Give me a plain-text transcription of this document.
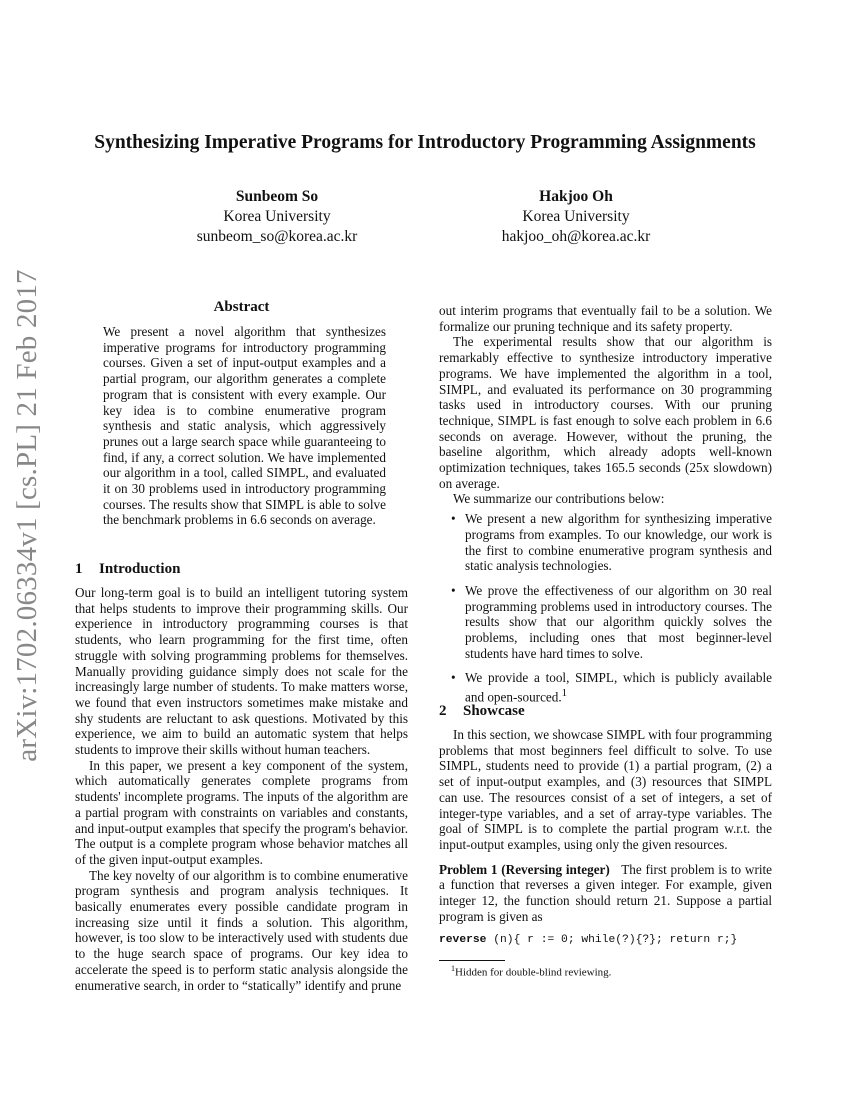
arXiv:1702.06334v1 [cs.PL] 21 Feb 2017
Synthesizing Imperative Programs for Introductory Programming Assignments
Sunbeom So
Korea University
sunbeom_so@korea.ac.kr
Hakjoo Oh
Korea University
hakjoo_oh@korea.ac.kr
Abstract
We present a novel algorithm that synthesizes imperative programs for introductory programming courses. Given a set of input-output examples and a partial program, our algorithm generates a complete program that is consistent with every example. Our key idea is to combine enumerative program synthesis and static analysis, which aggressively prunes out a large search space while guaranteeing to find, if any, a correct solution. We have implemented our algorithm in a tool, called SIMPL, and evaluated it on 30 problems used in introductory programming courses. The results show that SIMPL is able to solve the benchmark problems in 6.6 seconds on average.
1 Introduction

Our long-term goal is to build an intelligent tutoring system that helps students to improve their programming skills. Our experience in introductory programming courses is that students, who learn programming for the first time, often struggle with solving programming problems for themselves. Manually providing guidance simply does not scale for the increasingly large number of students. To make matters worse, we found that even instructors sometimes make mistake and shy students are reluctant to ask questions. Motivated by this experience, we aim to build an automatic system that helps students to improve their skills without human teachers.

In this paper, we present a key component of the system, which automatically generates complete programs from students' incomplete programs. The inputs of the algorithm are a partial program with constraints on variables and constants, and input-output examples that specify the program's behavior. The output is a complete program whose behavior matches all of the given input-output examples.

The key novelty of our algorithm is to combine enumerative program synthesis and program analysis techniques. It basically enumerates every possible candidate program in increasing size until it finds a solution. This algorithm, however, is too slow to be interactively used with students due to the huge search space of programs. Our key idea to accelerate the speed is to perform static analysis alongside the enumerative search, in order to “statically” identify and prune

out interim programs that eventually fail to be a solution. We formalize our pruning technique and its safety property.

The experimental results show that our algorithm is remarkably effective to synthesize introductory imperative programs. We have implemented the algorithm in a tool, SIMPL, and evaluated its performance on 30 programming tasks used in introductory courses. With our pruning technique, SIMPL is fast enough to solve each problem in 6.6 seconds on average. However, without the pruning, the baseline algorithm, which already adopts well-known optimization techniques, takes 165.5 seconds (25x slowdown) on average.

We summarize our contributions below:

• We present a new algorithm for synthesizing imperative programs from examples. To our knowledge, our work is the first to combine enumerative program synthesis and static analysis technologies.
• We prove the effectiveness of our algorithm on 30 real programming problems used in introductory courses. The results show that our algorithm quickly solves the problems, including ones that most beginner-level students have hard times to solve.
• We provide a tool, SIMPL, which is publicly available and open-sourced.$^1$
2 Showcase

In this section, we showcase SIMPL with four programming problems that most beginners feel difficult to solve. To use SIMPL, students need to provide (1) a partial program, (2) a set of input-output examples, and (3) resources that SIMPL can use. The resources consist of a set of integers, a set of integer-type variables, and a set of array-type variables. The goal of SIMPL is to complete the partial program w.r.t. the input-output examples, using only the given resources.

Problem 1 (Reversing integer) The first problem is to write a function that reverses a given integer. For example, given integer 12, the function should return 21. Suppose a partial program is given as

reverse (n){ r := 0; while(?){?}; return r;}
$^1$Hidden for double-blind reviewing.
